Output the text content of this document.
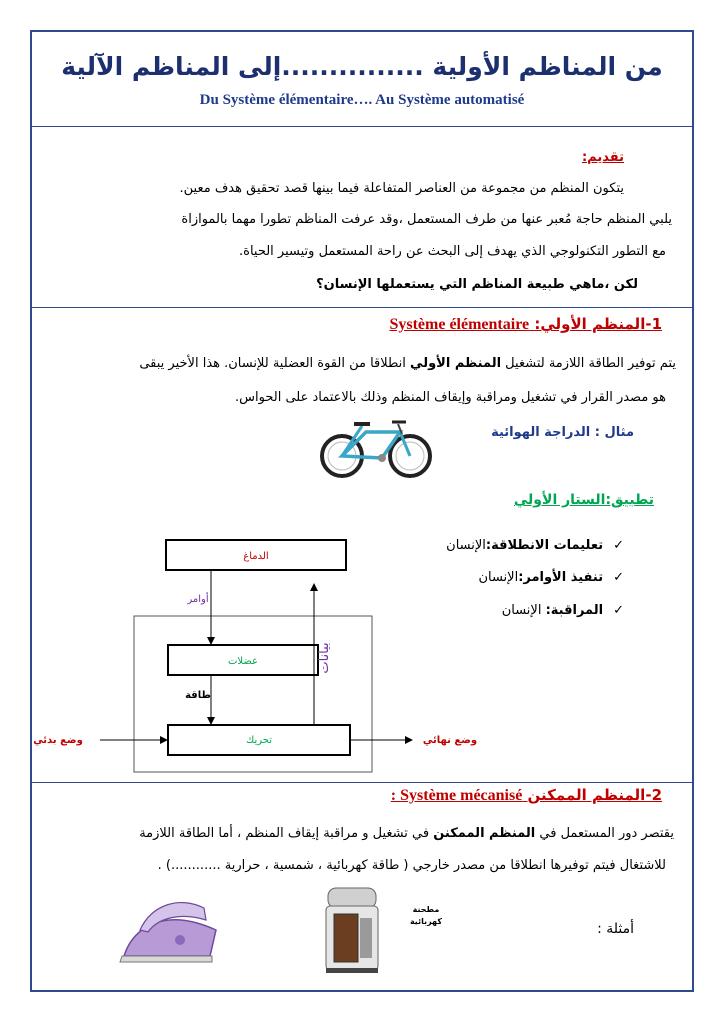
من المناظم الأولية ...............إلى المناظم الآلية
Du Système élémentaire…. Au Système automatisé
تقديم:
يتكون المنظم من مجموعة من العناصر المتفاعلة فيما بينها قصد تحقيق هدف معين.
يلبي المنظم حاجة مُعبر عنها من طرف المستعمل ،وقد عرفت المناظم تطورا مهما بالموازاة
مع التطور التكنولوجي الذي يهدف إلى البحث عن راحة المستعمل وتيسير الحياة.
لكن ،ماهي طبيعة المناظم التي يستعملها الإنسان؟
1-المنظم الأولي: Système élémentaire
يتم توفير الطاقة اللازمة لتشغيل المنظم الأولي انطلاقا من القوة العضلية للإنسان. هذا الأخير يبقى
هو مصدر القرار في تشغيل ومراقبة وإيقاف المنظم وذلك بالاعتماد على الحواس.
مثال : الدراجة الهوائية
تطبيق:الستار الأولي
✓تعليمات الانطلاقة:الإنسان
✓تنفيذ الأوامر:الإنسان
✓المراقبة: الإنسان
الدماغ
أوامر
عضلات
طاقة
تحريك
بيانات
وضع بدئي	وضع نهائي
2-المنظم الممكنن Système mécanisé :
يقتصر دور المستعمل في المنظم الممكنن في تشغيل و مراقبة إيقاف المنظم ، أما الطاقة اللازمة
للاشتغال فيتم توفيرها انطلاقا من مصدر خارجي ( طاقة كهربائية ، شمسية ، حرارية ............) .
مطحنة
كهربائية	أمثلة :
